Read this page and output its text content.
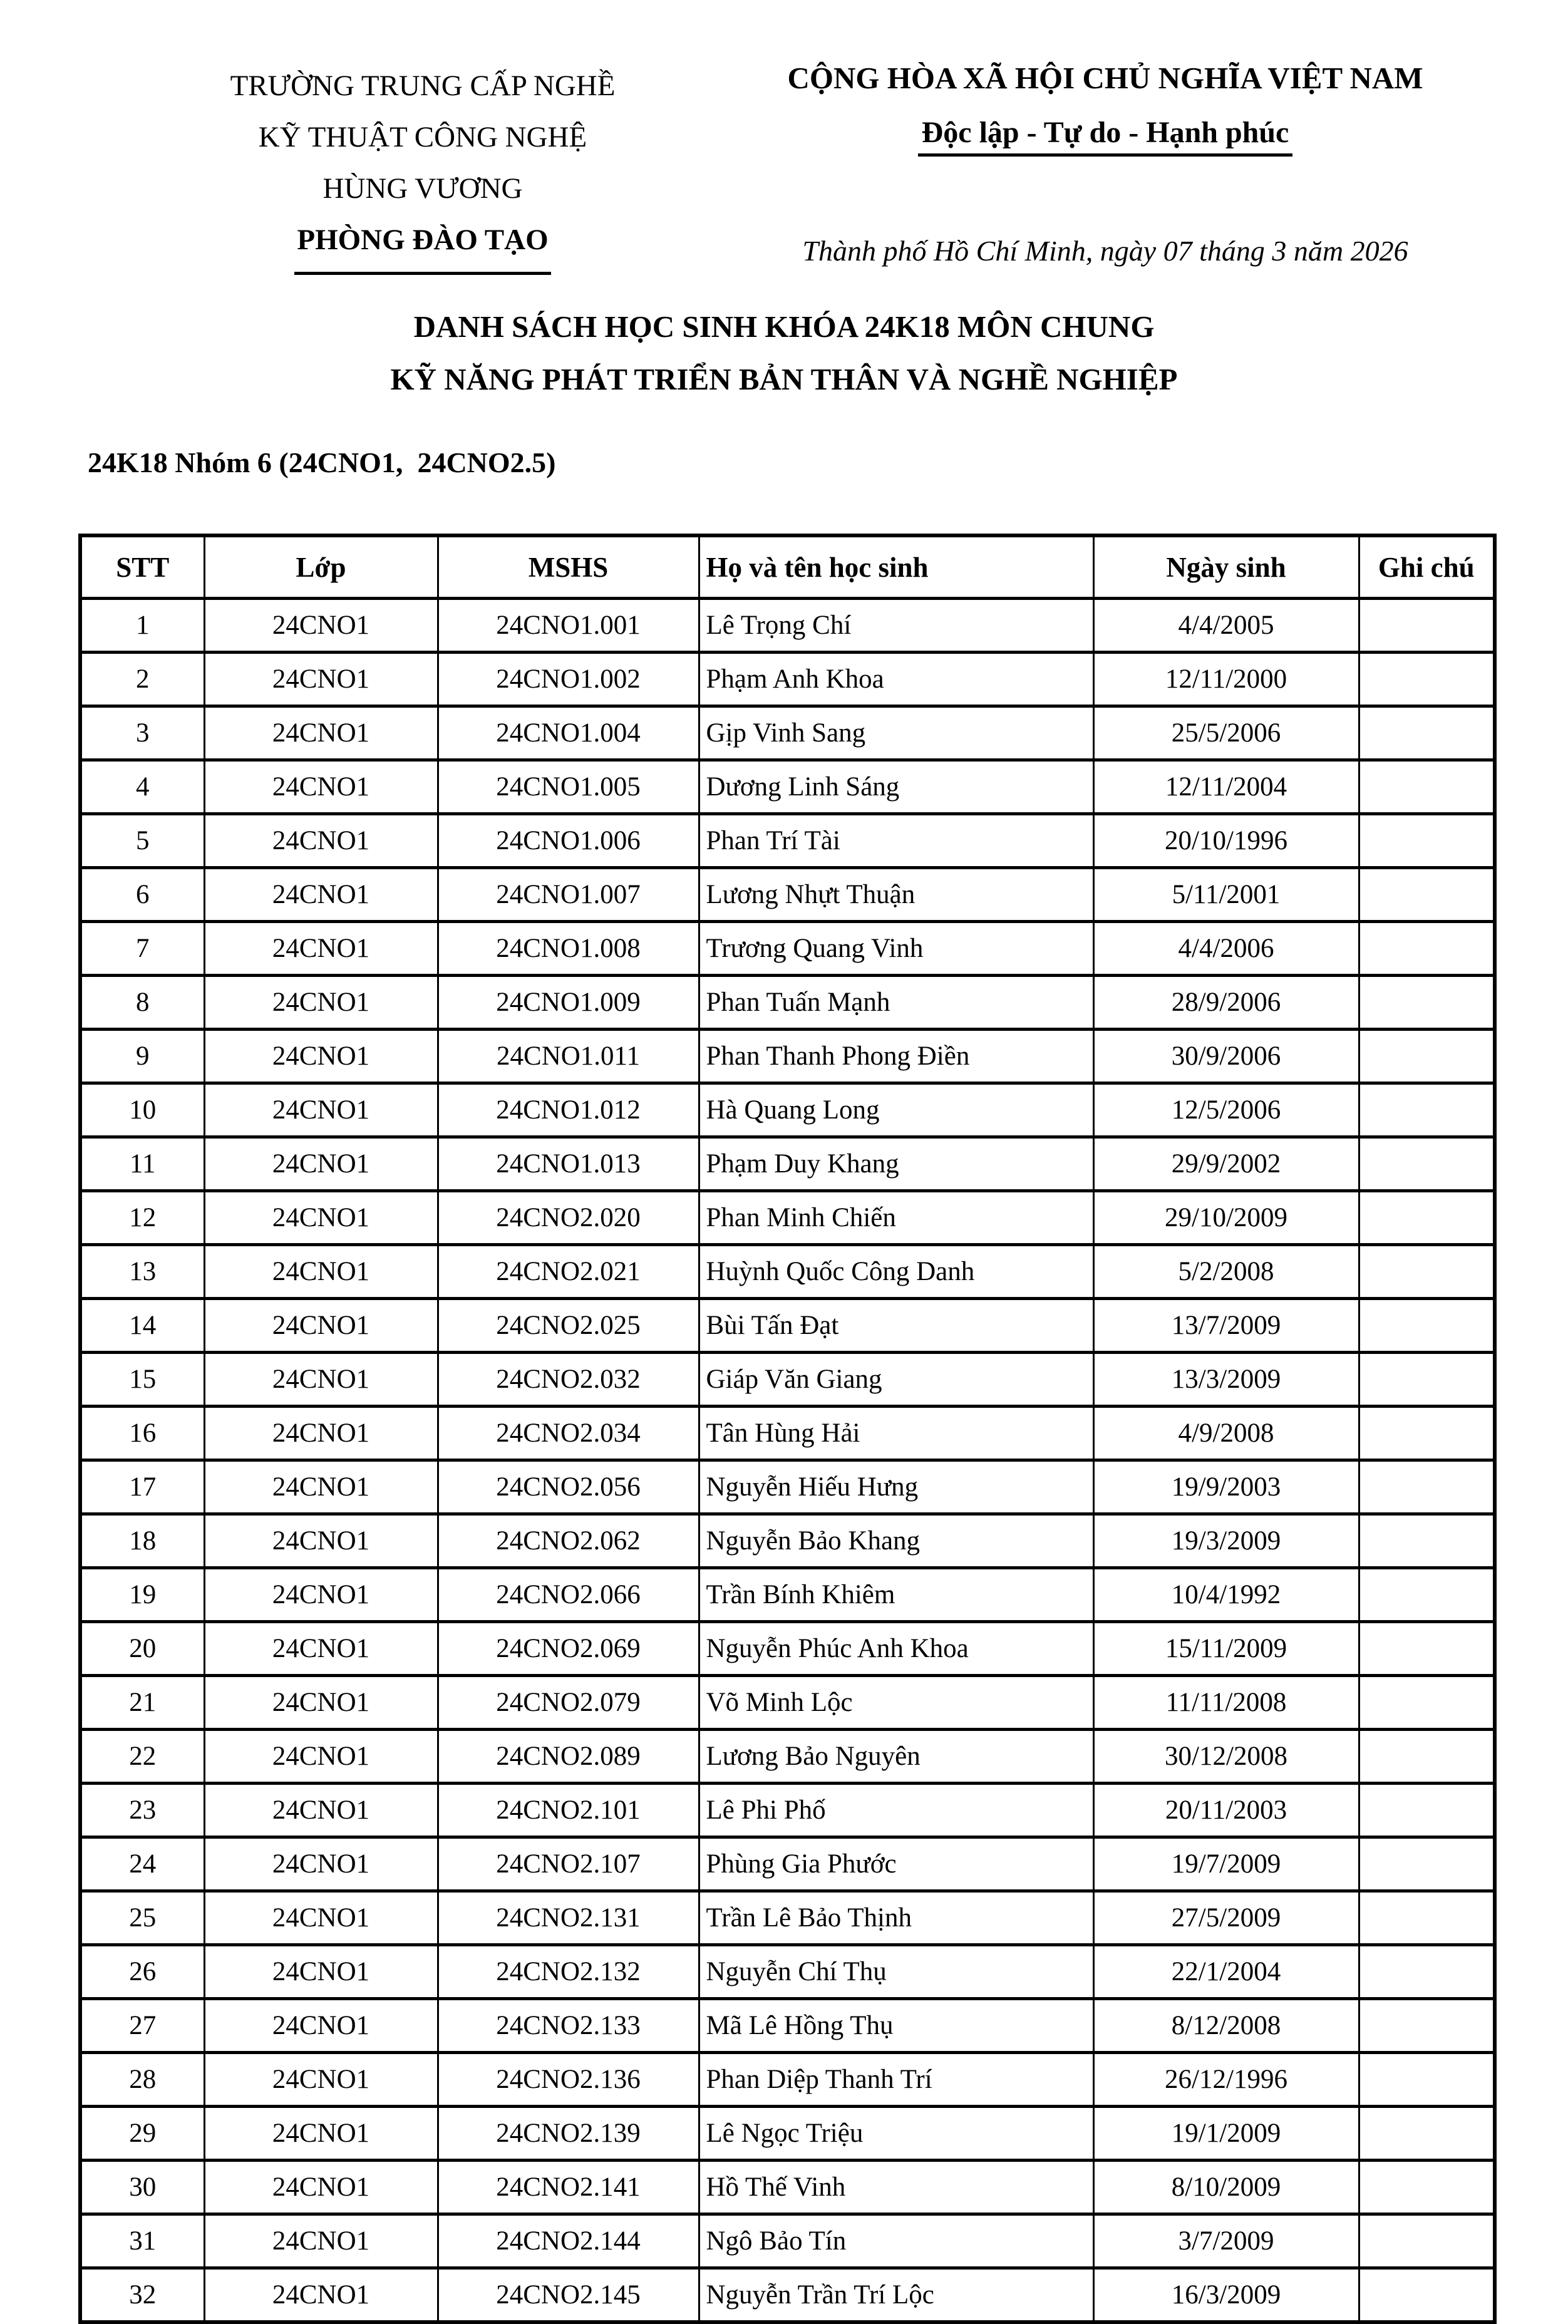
TRƯỜNG TRUNG CẤP NGHỀ
KỸ THUẬT CÔNG NGHỆ
HÙNG VƯƠNG
PHÒNG ĐÀO TẠO
CỘNG HÒA XÃ HỘI CHỦ NGHĨA VIỆT NAM
Độc lập - Tự do - Hạnh phúc
Thành phố Hồ Chí Minh, ngày 07 tháng 3 năm 2026
DANH SÁCH HỌC SINH KHÓA 24K18 MÔN CHUNG
KỸ NĂNG PHÁT TRIỂN BẢN THÂN VÀ NGHỀ NGHIỆP
24K18 Nhóm 6 (24CNO1,  24CNO2.5)
STT	Lớp	MSHS	Họ và tên học sinh	Ngày sinh	Ghi chú
1	24CNO1	24CNO1.001	Lê Trọng Chí	4/4/2005	
2	24CNO1	24CNO1.002	Phạm Anh Khoa	12/11/2000	
3	24CNO1	24CNO1.004	Gịp Vinh Sang	25/5/2006	
4	24CNO1	24CNO1.005	Dương Linh Sáng	12/11/2004	
5	24CNO1	24CNO1.006	Phan Trí Tài	20/10/1996	
6	24CNO1	24CNO1.007	Lương Nhựt Thuận	5/11/2001	
7	24CNO1	24CNO1.008	Trương Quang Vinh	4/4/2006	
8	24CNO1	24CNO1.009	Phan Tuấn Mạnh	28/9/2006	
9	24CNO1	24CNO1.011	Phan Thanh Phong Điền	30/9/2006	
10	24CNO1	24CNO1.012	Hà Quang Long	12/5/2006	
11	24CNO1	24CNO1.013	Phạm Duy Khang	29/9/2002	
12	24CNO1	24CNO2.020	Phan Minh Chiến	29/10/2009	
13	24CNO1	24CNO2.021	Huỳnh Quốc Công Danh	5/2/2008	
14	24CNO1	24CNO2.025	Bùi Tấn Đạt	13/7/2009	
15	24CNO1	24CNO2.032	Giáp Văn Giang	13/3/2009	
16	24CNO1	24CNO2.034	Tân Hùng Hải	4/9/2008	
17	24CNO1	24CNO2.056	Nguyễn Hiếu Hưng	19/9/2003	
18	24CNO1	24CNO2.062	Nguyễn Bảo Khang	19/3/2009	
19	24CNO1	24CNO2.066	Trần Bính Khiêm	10/4/1992	
20	24CNO1	24CNO2.069	Nguyễn Phúc Anh Khoa	15/11/2009	
21	24CNO1	24CNO2.079	Võ Minh Lộc	11/11/2008	
22	24CNO1	24CNO2.089	Lương Bảo Nguyên	30/12/2008	
23	24CNO1	24CNO2.101	Lê Phi Phố	20/11/2003	
24	24CNO1	24CNO2.107	Phùng Gia Phước	19/7/2009	
25	24CNO1	24CNO2.131	Trần Lê Bảo Thịnh	27/5/2009	
26	24CNO1	24CNO2.132	Nguyễn Chí Thụ	22/1/2004	
27	24CNO1	24CNO2.133	Mã Lê Hồng Thụ	8/12/2008	
28	24CNO1	24CNO2.136	Phan Diệp Thanh Trí	26/12/1996	
29	24CNO1	24CNO2.139	Lê Ngọc Triệu	19/1/2009	
30	24CNO1	24CNO2.141	Hồ Thế Vinh	8/10/2009	
31	24CNO1	24CNO2.144	Ngô Bảo Tín	3/7/2009	
32	24CNO1	24CNO2.145	Nguyễn Trần Trí Lộc	16/3/2009	
